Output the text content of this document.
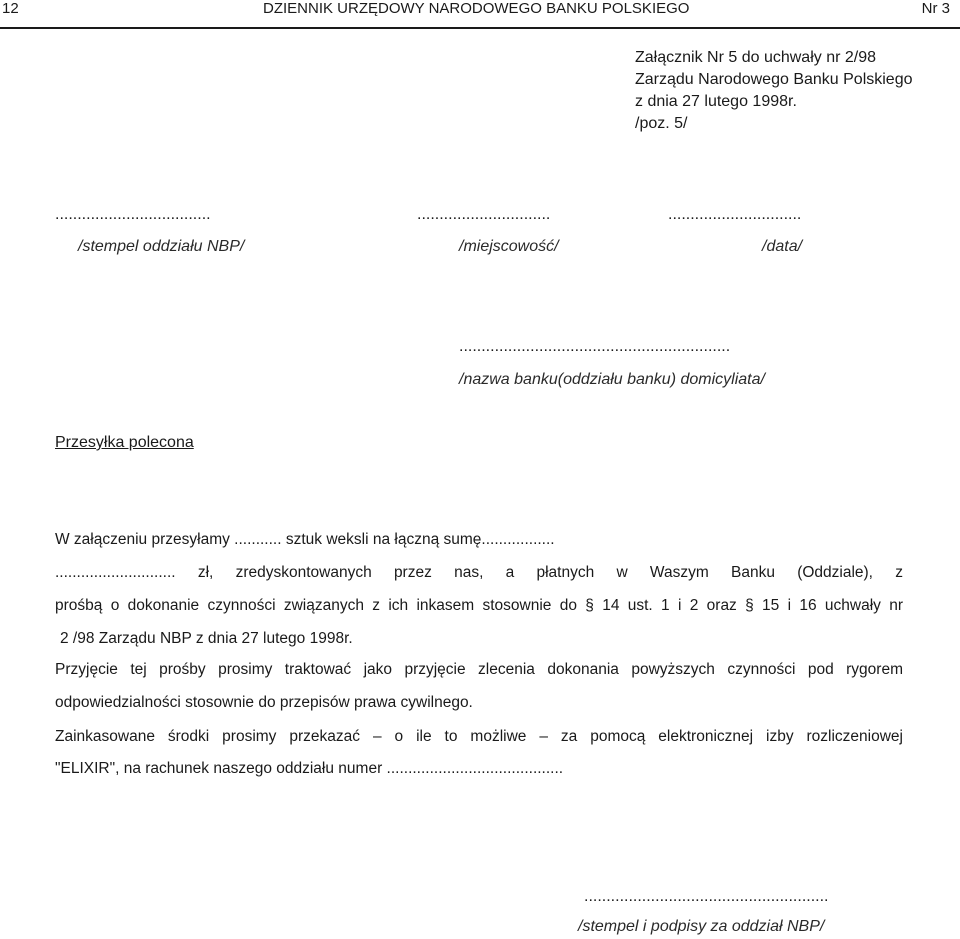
12	DZIENNIK URZĘDOWY NARODOWEGO BANKU POLSKIEGO	Nr 3
Załącznik Nr 5 do uchwały nr 2/98
Zarządu Narodowego Banku Polskiego
z dnia 27 lutego 1998r.
/poz. 5/
...................................
/stempel oddziału NBP/
..............................
/miejscowość/
..............................
/data/
.............................................................
/nazwa banku(oddziału banku) domicyliata/
Przesyłka polecona
W załączeniu przesyłamy ........... sztuk weksli na łączną sumę.................
............................ zł, zredyskontowanych przez nas, a płatnych w Waszym Banku (Oddziale), z
prośbą o dokonanie czynności związanych z ich inkasem stosownie do § 14 ust. 1 i 2 oraz § 15 i 16 uchwały nr
2 /98 Zarządu NBP z dnia 27 lutego 1998r.
Przyjęcie tej prośby prosimy traktować jako przyjęcie zlecenia dokonania powyższych czynności pod rygorem
odpowiedzialności stosownie do przepisów prawa cywilnego.
Zainkasowane środki prosimy przekazać – o ile to możliwe – za pomocą elektronicznej izby rozliczeniowej
"ELIXIR", na rachunek naszego oddziału numer .........................................
.......................................................
/stempel i podpisy za oddział NBP/
